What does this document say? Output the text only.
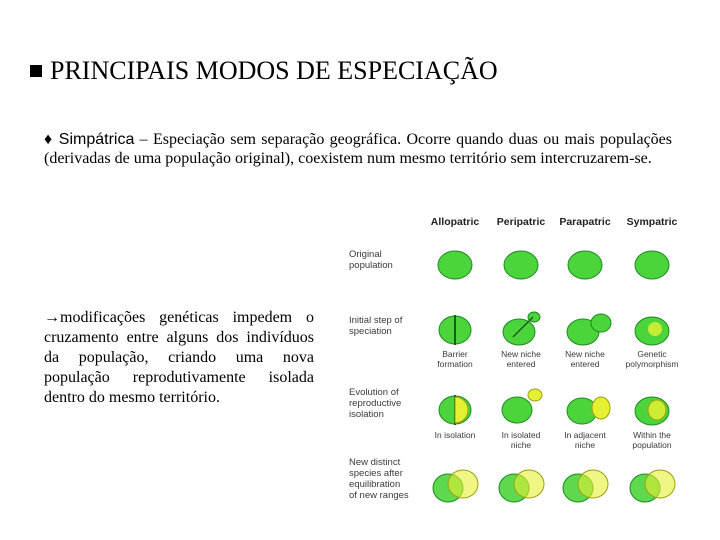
PRINCIPAIS MODOS DE ESPECIAÇÃO
♦ Simpátrica – Especiação sem separação geográfica. Ocorre quando duas ou mais populações (derivadas de uma população original), coexistem num mesmo território sem intercruzarem-se.
→modificações genéticas impedem o cruzamento entre alguns dos indivíduos da população, criando uma nova população reprodutivamente isolada dentro do mesmo território.
Allopatric Peripatric Parapatric Sympatric
Original
population
Initial step of
speciation
Barrier
formation
New niche
entered
New niche
entered
Genetic
polymorphism
Evolution of
reproductive
isolation
In isolation	In isolated
niche
In adjacent
niche
Within the
population
New distinct
species after
equilibration
of new ranges
